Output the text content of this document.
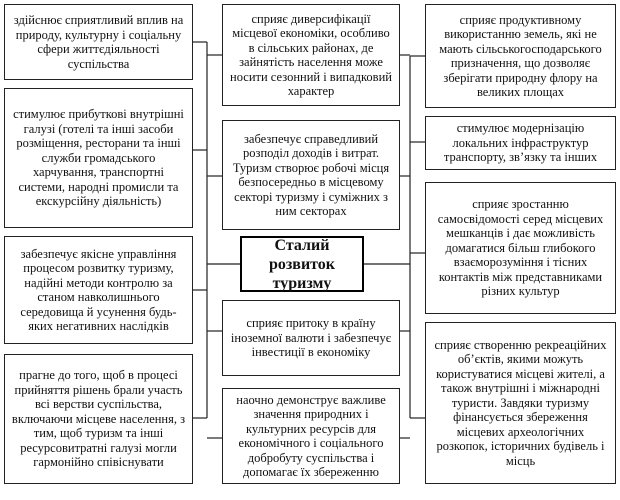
здійснює сприятливий вплив на природу, культурну і соціальну сфери життєдіяльності суспільства
стимулює прибуткові внутрішні галузі (готелі та інші засоби розміщення, ресторани та інші служби громадського харчування, транспортні системи, народні промисли та екскурсійну діяльність)
забезпечує якісне управління процесом розвитку туризму, надійні методи контролю за станом навколишнього середовища й усунення будь-яких негативних наслідків
прагне до того, щоб в процесі прийняття рішень брали участь всі верстви суспільства, включаючи місцеве населення, з тим, щоб туризм та інші ресурсовитратні галузі могли гармонійно співіснувати
сприяє диверсифікації місцевої економіки, особливо в сільських районах, де зайнятість населення може носити сезонний і випадковий характер
забезпечує справедливий розподіл доходів і витрат. Туризм створює робочі місця безпосередньо в місцевому секторі туризму і суміжних з ним секторах
Сталий розвиток туризму
сприяє притоку в країну іноземної валюти і забезпечує інвестиції в економіку
наочно демонструє важливе значення природних і культурних ресурсів для економічного і соціального добробуту суспільства і допомагає їх збереженню
сприяє продуктивному використанню земель, які не мають сільськогосподарського призначення, що дозволяє зберігати природну флору на великих площах
стимулює модернізацію локальних інфраструктур транспорту, зв’язку та інших
сприяє зростанню самосвідомості серед місцевих мешканців і дає можливість домагатися більш глибокого взаєморозуміння і тісних контактів між представниками різних культур
сприяє створенню рекреаційних об’єктів, якими можуть користуватися місцеві жителі, а також внутрішні і міжнародні туристи. Завдяки туризму фінансується збереження місцевих археологічних розкопок, історичних будівель і місць
